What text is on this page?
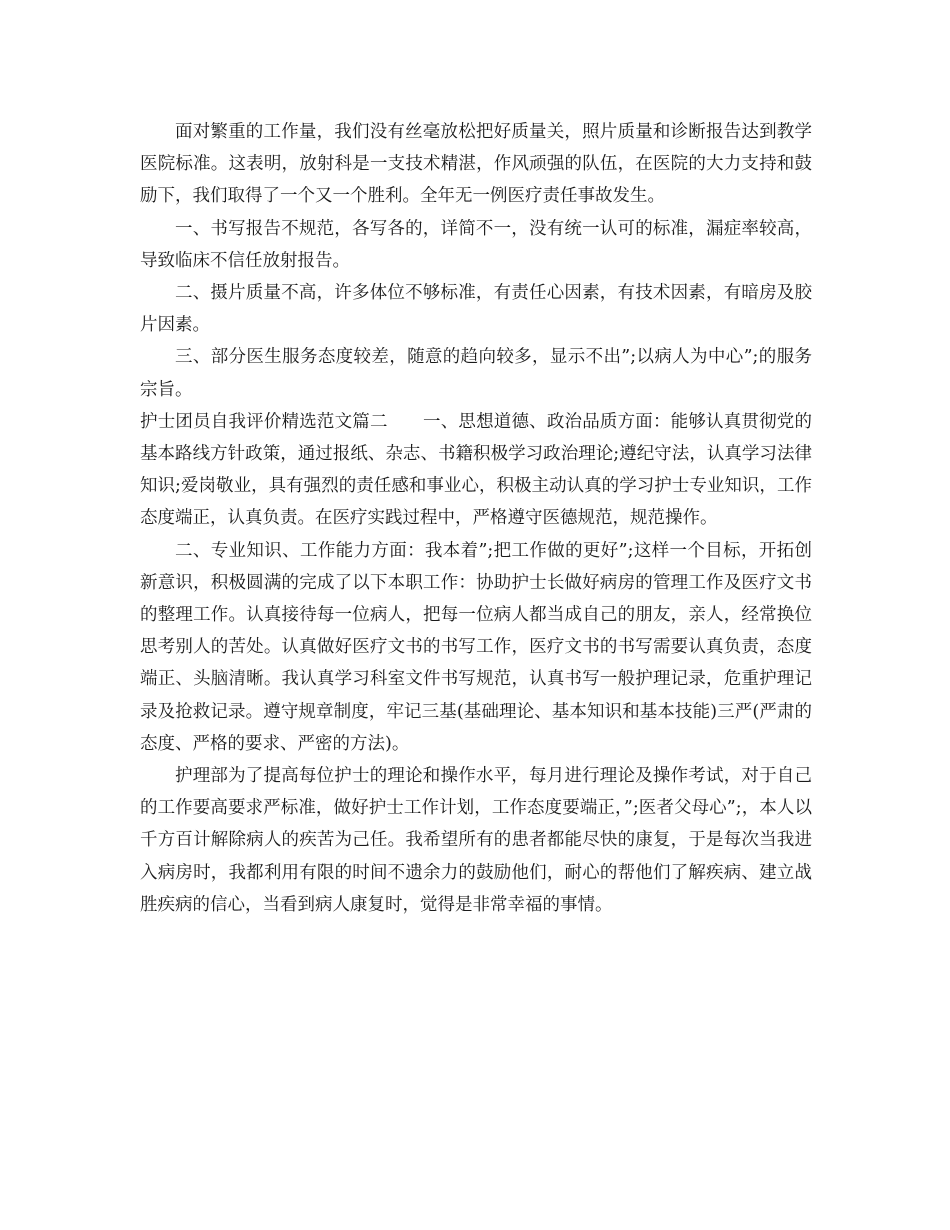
面对繁重的工作量，我们没有丝毫放松把好质量关，照片质量和诊断报告达到教学医院标准。这表明，放射科是一支技术精湛，作风顽强的队伍，在医院的大力支持和鼓励下，我们取得了一个又一个胜利。全年无一例医疗责任事故发生。

一、书写报告不规范，各写各的，详简不一，没有统一认可的标准，漏症率较高，导致临床不信任放射报告。

二、摄片质量不高，许多体位不够标准，有责任心因素，有技术因素，有暗房及胶片因素。

三、部分医生服务态度较差，随意的趋向较多，显示不出”;以病人为中心”;的服务宗旨。

护士团员自我评价精选范文篇二　　一、思想道德、政治品质方面：能够认真贯彻党的基本路线方针政策，通过报纸、杂志、书籍积极学习政治理论;遵纪守法，认真学习法律知识;爱岗敬业，具有强烈的责任感和事业心，积极主动认真的学习护士专业知识，工作态度端正，认真负责。在医疗实践过程中，严格遵守医德规范，规范操作。

二、专业知识、工作能力方面：我本着”;把工作做的更好”;这样一个目标，开拓创新意识，积极圆满的完成了以下本职工作：协助护士长做好病房的管理工作及医疗文书的整理工作。认真接待每一位病人，把每一位病人都当成自己的朋友，亲人，经常换位思考别人的苦处。认真做好医疗文书的书写工作，医疗文书的书写需要认真负责，态度端正、头脑清晰。我认真学习科室文件书写规范，认真书写一般护理记录，危重护理记录及抢救记录。遵守规章制度，牢记三基(基础理论、基本知识和基本技能)三严(严肃的态度、严格的要求、严密的方法)。

护理部为了提高每位护士的理论和操作水平，每月进行理论及操作考试，对于自己的工作要高要求严标准，做好护士工作计划，工作态度要端正，”;医者父母心”;，本人以千方百计解除病人的疾苦为己任。我希望所有的患者都能尽快的康复，于是每次当我进入病房时，我都利用有限的时间不遗余力的鼓励他们，耐心的帮他们了解疾病、建立战胜疾病的信心，当看到病人康复时，觉得是非常幸福的事情。
